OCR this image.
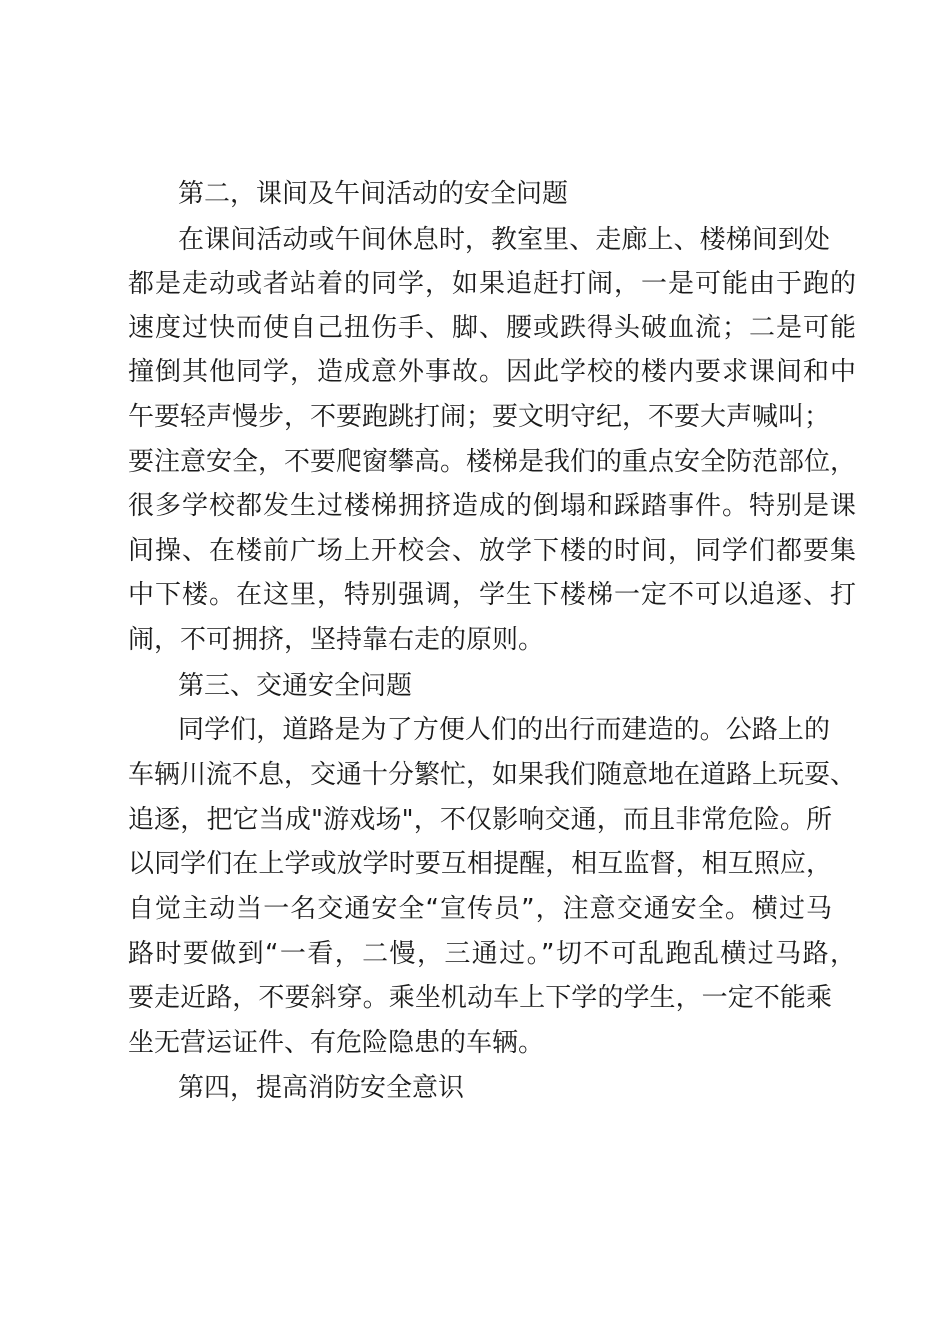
第二，课间及午间活动的安全问题
在课间活动或午间休息时，教室里、走廊上、楼梯间到处
都是走动或者站着的同学，如果追赶打闹，一是可能由于跑的
速度过快而使自己扭伤手、脚、腰或跌得头破血流；二是可能
撞倒其他同学，造成意外事故。因此学校的楼内要求课间和中
午要轻声慢步，不要跑跳打闹；要文明守纪，不要大声喊叫；
要注意安全，不要爬窗攀高。楼梯是我们的重点安全防范部位，
很多学校都发生过楼梯拥挤造成的倒塌和踩踏事件。特别是课
间操、在楼前广场上开校会、放学下楼的时间，同学们都要集
中下楼。在这里，特别强调，学生下楼梯一定不可以追逐、打
闹，不可拥挤，坚持靠右走的原则。
第三、交通安全问题
同学们，道路是为了方便人们的出行而建造的。公路上的
车辆川流不息，交通十分繁忙，如果我们随意地在道路上玩耍、
追逐，把它当成"游戏场"，不仅影响交通，而且非常危险。所
以同学们在上学或放学时要互相提醒，相互监督，相互照应，
自觉主动当一名交通安全“宣传员”，注意交通安全。横过马
路时要做到“一看，二慢，三通过。”切不可乱跑乱横过马路，
要走近路，不要斜穿。乘坐机动车上下学的学生，一定不能乘
坐无营运证件、有危险隐患的车辆。
第四，提高消防安全意识
